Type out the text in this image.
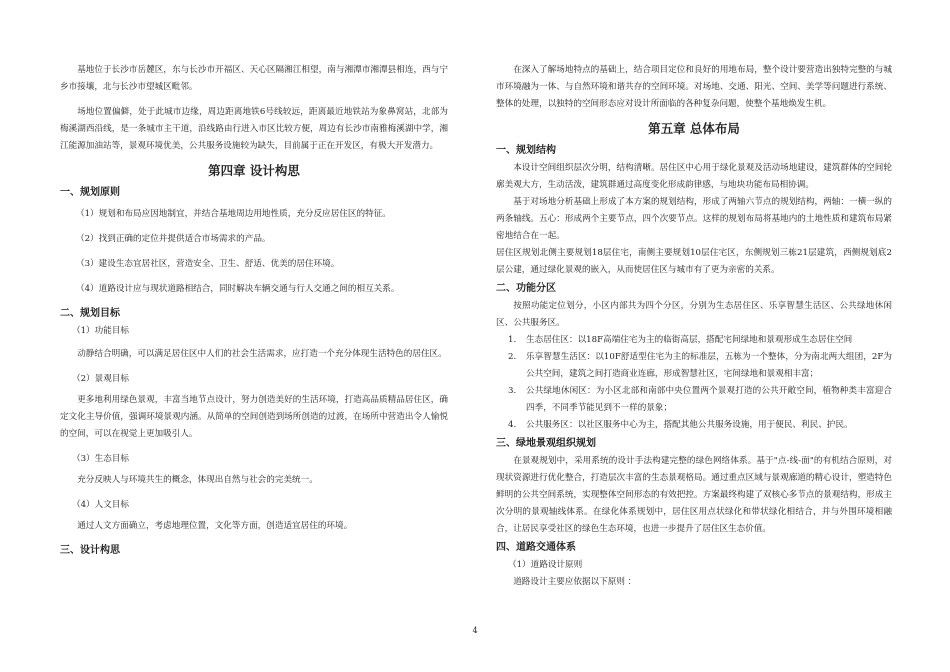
基地位于长沙市岳麓区，东与长沙市开福区、天心区隔湘江相望，南与湘潭市湘潭县相连，西与宁乡市接壤，北与长沙市望城区毗邻。

场地位置偏僻，处于此城市边缘，周边距离地铁6号线较远，距离最近地铁站为象鼻窝站，北部为梅溪湖西沿线，是一条城市主干道，沿线路由行进入市区比较方便，周边有长沙市南雅梅溪湖中学，湘江能源加油站等，景观环境优美，公共服务设施较为缺失，目前属于正在开发区，有极大开发潜力。

第四章 设计构思
一、规划原则

（1）规划和布局应因地制宜，并结合基地周边用地性质，充分反应居住区的特征。

（2）找到正确的定位并提供适合市场需求的产品。

（3）建设生态宜居社区，营造安全、卫生、舒适、优美的居住环境。

（4）道路设计应与现状道路相结合，同时解决车辆交通与行人交通之间的相互关系。

二、规划目标

（1）功能目标

动静结合明确，可以满足居住区中人们的社会生活需求，应打造一个充分体现生活特色的居住区。

（2）景观目标

更多地利用绿色景观，丰富当地节点设计，努力创造美好的生活环境，打造高品质精品居住区，确定文化主导价值，强调环境景观内涵。从简单的空间创造到场所创造的过渡，在场所中营造出令人愉悦的空间，可以在视觉上更加吸引人。

（3）生态目标

充分反映人与环境共生的概念，体现出自然与社会的完美统一。

（4）人文目标

通过人文方面确立，考虑地理位置，文化等方面，创造适宜居住的环境。

三、设计构思

在深入了解场地特点的基础上，结合项目定位和良好的用地布局，整个设计要营造出独特完整的与城市环境融为一体、与自然环境和谐共存的空间环境。对场地、交通、阳光、空间、美学等问题进行系统、整体的处理，以独特的空间形态应对设计所面临的各种复杂问题，使整个基地焕发生机。

第五章 总体布局
一、规划结构

本设计空间组织层次分明，结构清晰。居住区中心用于绿化景观及活动场地建设，建筑群体的空间轮廓美观大方，生动活泼，建筑群通过高度变化形成韵律感，与地块功能布局相协调。

基于对场地分析基础上形成了本方案的规划结构，形成了两轴六节点的规划结构，两轴：一横一纵的两条轴线。五心：形成两个主要节点，四个次要节点。这样的规划布局将基地内的土地性质和建筑布局紧密地结合在一起。

居住区规划北侧主要规划18层住宅，南侧主要规划10层住宅区，东侧规划三栋21层建筑，西侧规划底2层公建，通过绿化景观的嵌入，从而使居住区与城市有了更为亲密的关系。

二、功能分区

按照功能定位划分，小区内部共为四个分区，分别为生态居住区、乐享智慧生活区、公共绿地休闲区、公共服务区。

1. 生态居住区：以18F高端住宅为主的临街高层，搭配宅间绿地和景观形成生态居住空间
2. 乐享智慧生活区：以10F舒适型住宅为主的标准层，五栋为一个整体，分为南北两大组团，2F为公共空间，建筑之间打造商业连廊，形成智慧社区，宅间绿地和景观相丰富；
3. 公共绿地休闲区：为小区北部和南部中央位置两个景观打造的公共开敞空间，植物种类丰富迎合四季，不同季节能见到不一样的景象；
4. 公共服务区：以社区服务中心为主，搭配其他公共服务设施，用于便民、利民、护民。
三、绿地景观组织规划

在景观规划中，采用系统的设计手法构建完整的绿色网络体系。基于"点-线-面"的有机结合原则，对现状资源进行优化整合，打造层次丰富的生态景观格局。通过重点区域与景观廊道的精心设计，塑造特色鲜明的公共空间系统，实现整体空间形态的有效把控。方案最终构建了双核心多节点的景观结构，形成主次分明的景观轴线体系。在绿化体系规划中，居住区用点状绿化和带状绿化相结合，并与外围环境相融合，让居民享受社区的绿色生态环境，也进一步提升了居住区生态价值。

四、道路交通体系

（1）道路设计原则

道路设计主要应依据以下原则 ：

4
